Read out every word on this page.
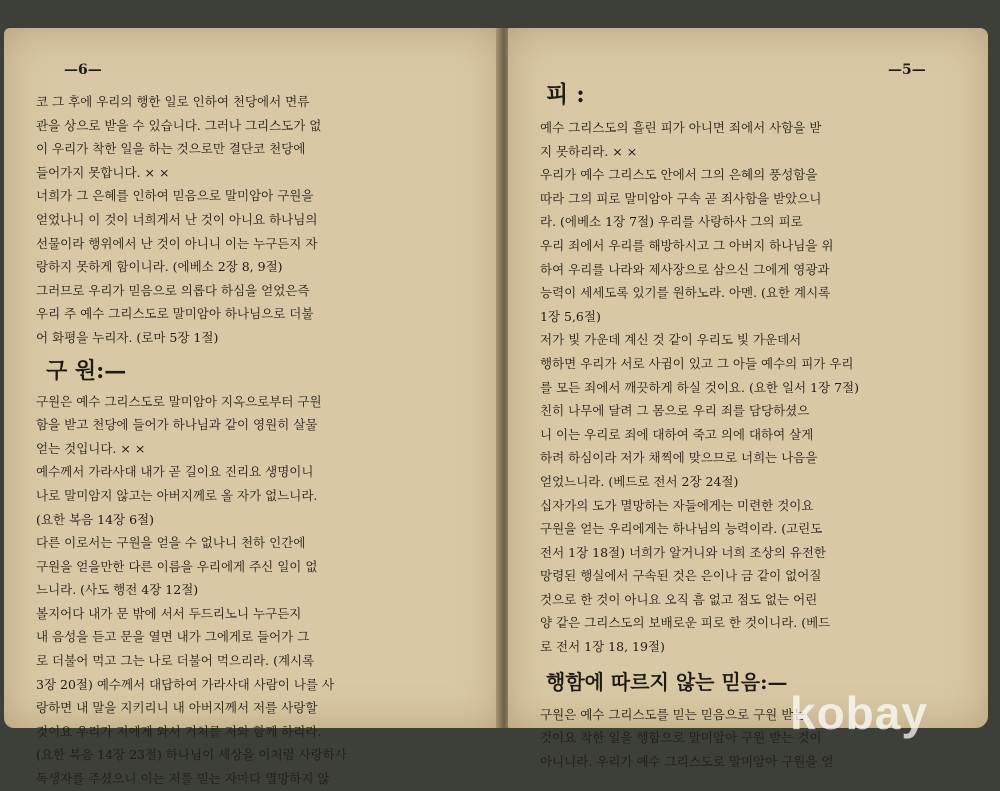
—6—

코 그 후에 우리의 행한 일로 인하여 천당에서 면류
관을 상으로 받을 수 있습니다. 그러나 그리스도가 없
이 우리가 착한 일을 하는 것으로만 결단코 천당에
들어가지 못합니다. × ×

너희가 그 은혜를 인하여 믿음으로 말미암아 구원을
얻었나니 이 것이 너희게서 난 것이 아니요 하나님의
선물이라 행위에서 난 것이 아니니 이는 누구든지 자
랑하지 못하게 함이니라. (에베소 2장 8, 9절)

그러므로 우리가 믿음으로 의롭다 하심을 얻었은즉
우리 주 예수 그리스도로 말미암아 하나님으로 더불
어 화평을 누리자. (로마 5장 1절)

구 원:—

구원은 예수 그리스도로 말미암아 지옥으로부터 구원
함을 받고 천당에 들어가 하나님과 같이 영원히 살물
얻는 것입니다. × ×

예수께서 가라사대 내가 곧 길이요 진리요 생명이니
나로 말미암지 않고는 아버지께로 올 자가 없느니라.
(요한 복음 14장 6절)

다른 이로서는 구원을 얻을 수 없나니 천하 인간에
구원을 얻을만한 다른 이름을 우리에게 주신 일이 없
느니라. (사도 행전 4장 12절)

볼지어다 내가 문 밖에 서서 두드리노니 누구든지
내 음성을 듣고 문을 열면 내가 그에게로 들어가 그
로 더불어 먹고 그는 나로 더불어 먹으리라. (계시록
3장 20절) 예수께서 대답하여 가라사대 사람이 나를 사
랑하면 내 말을 지키리니 내 아버지께서 저를 사랑할
것이요 우리가 저에게 와서 거처를 저와 함께 하리라.
(요한 복음 14장 23절) 하나님이 세상을 이처럼 사랑하사
독생자를 주셨으니 이는 저를 믿는 자마다 멸망하지 않

—5—
피 :

예수 그리스도의 흘린 피가 아니면 죄에서 사함을 받
지 못하리라. × ×

우리가 예수 그리스도 안에서 그의 은혜의 풍성함을
따라 그의 피로 말미암아 구속 곧 죄사함을 받았으니
라. (에베소 1장 7절) 우리를 사랑하사 그의 피로
우리 죄에서 우리를 해방하시고 그 아버지 하나님을 위
하여 우리를 나라와 제사장으로 삼으신 그에게 영광과
능력이 세세도록 있기를 원하노라. 아멘. (요한 계시록
1장 5,6절)

저가 빛 가운데 계신 것 같이 우리도 빛 가운데서
행하면 우리가 서로 사귐이 있고 그 아들 예수의 피가 우리
를 모든 죄에서 깨끗하게 하실 것이요. (요한 일서 1장 7절)

친히 나무에 달려 그 몸으로 우리 죄를 담당하셨으
니 이는 우리로 죄에 대하여 죽고 의에 대하여 살게
하려 하심이라 저가 채찍에 맞으므로 너희는 나음을
얻었느니라. (베드로 전서 2장 24절)

십자가의 도가 멸망하는 자들에게는 미련한 것이요
구원을 얻는 우리에게는 하나님의 능력이라. (고린도
전서 1장 18절) 너희가 알거니와 너희 조상의 유전한
망령된 행실에서 구속된 것은 은이나 금 같이 없어질
것으로 한 것이 아니요 오직 흠 없고 점도 없는 어린
양 같은 그리스도의 보배로운 피로 한 것이니라. (베드
로 전서 1장 18, 19절)

행함에 따르지 않는 믿음:—

구원은 예수 그리스도를 믿는 믿음으로 구원 받는
것이요 착한 일을 행함으로 말미암아 구원 받는 것이
아니니라. 우리가 예수 그리스도로 말미암아 구원을 얻

kobay
